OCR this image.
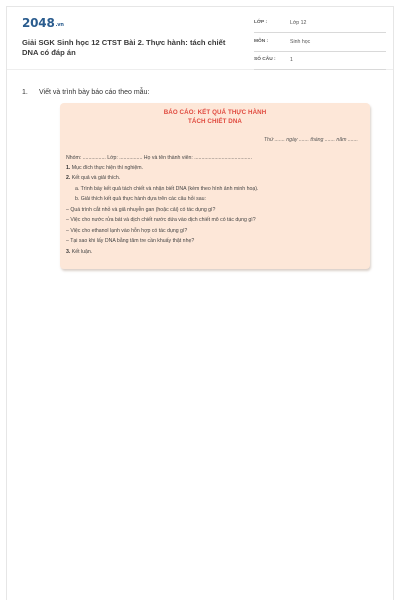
2048.vn
Giải SGK Sinh học 12 CTST Bài 2. Thực hành: tách chiết
DNA có đáp án
LỚP :	Lớp 12
MÔN :	Sinh học
SỐ CÂU :	1
1. Viết và trình bày báo cáo theo mẫu:
BÁO CÁO: KẾT QUẢ THỰC HÀNH
TÁCH CHIẾT DNA
Thứ ....... ngày ....... tháng ....... năm .......
Nhóm: ................ Lớp: ................ Họ và tên thành viên: ........................................
1. Mục đích thực hiện thí nghiệm.
2. Kết quả và giải thích.
a. Trình bày kết quả tách chiết và nhận biết DNA (kèm theo hình ảnh minh hoạ).
b. Giải thích kết quả thực hành dựa trên các câu hỏi sau:
– Quá trình cắt nhỏ và giã nhuyễn gan (hoặc cải) có tác dụng gì?
– Việc cho nước rửa bát và dịch chiết nước dứa vào dịch chiết mô có tác dụng gì?
– Việc cho ethanol lạnh vào hỗn hợp có tác dụng gì?
– Tại sao khi lấy DNA bằng tăm tre cần khuấy thật nhẹ?
3. Kết luận.
